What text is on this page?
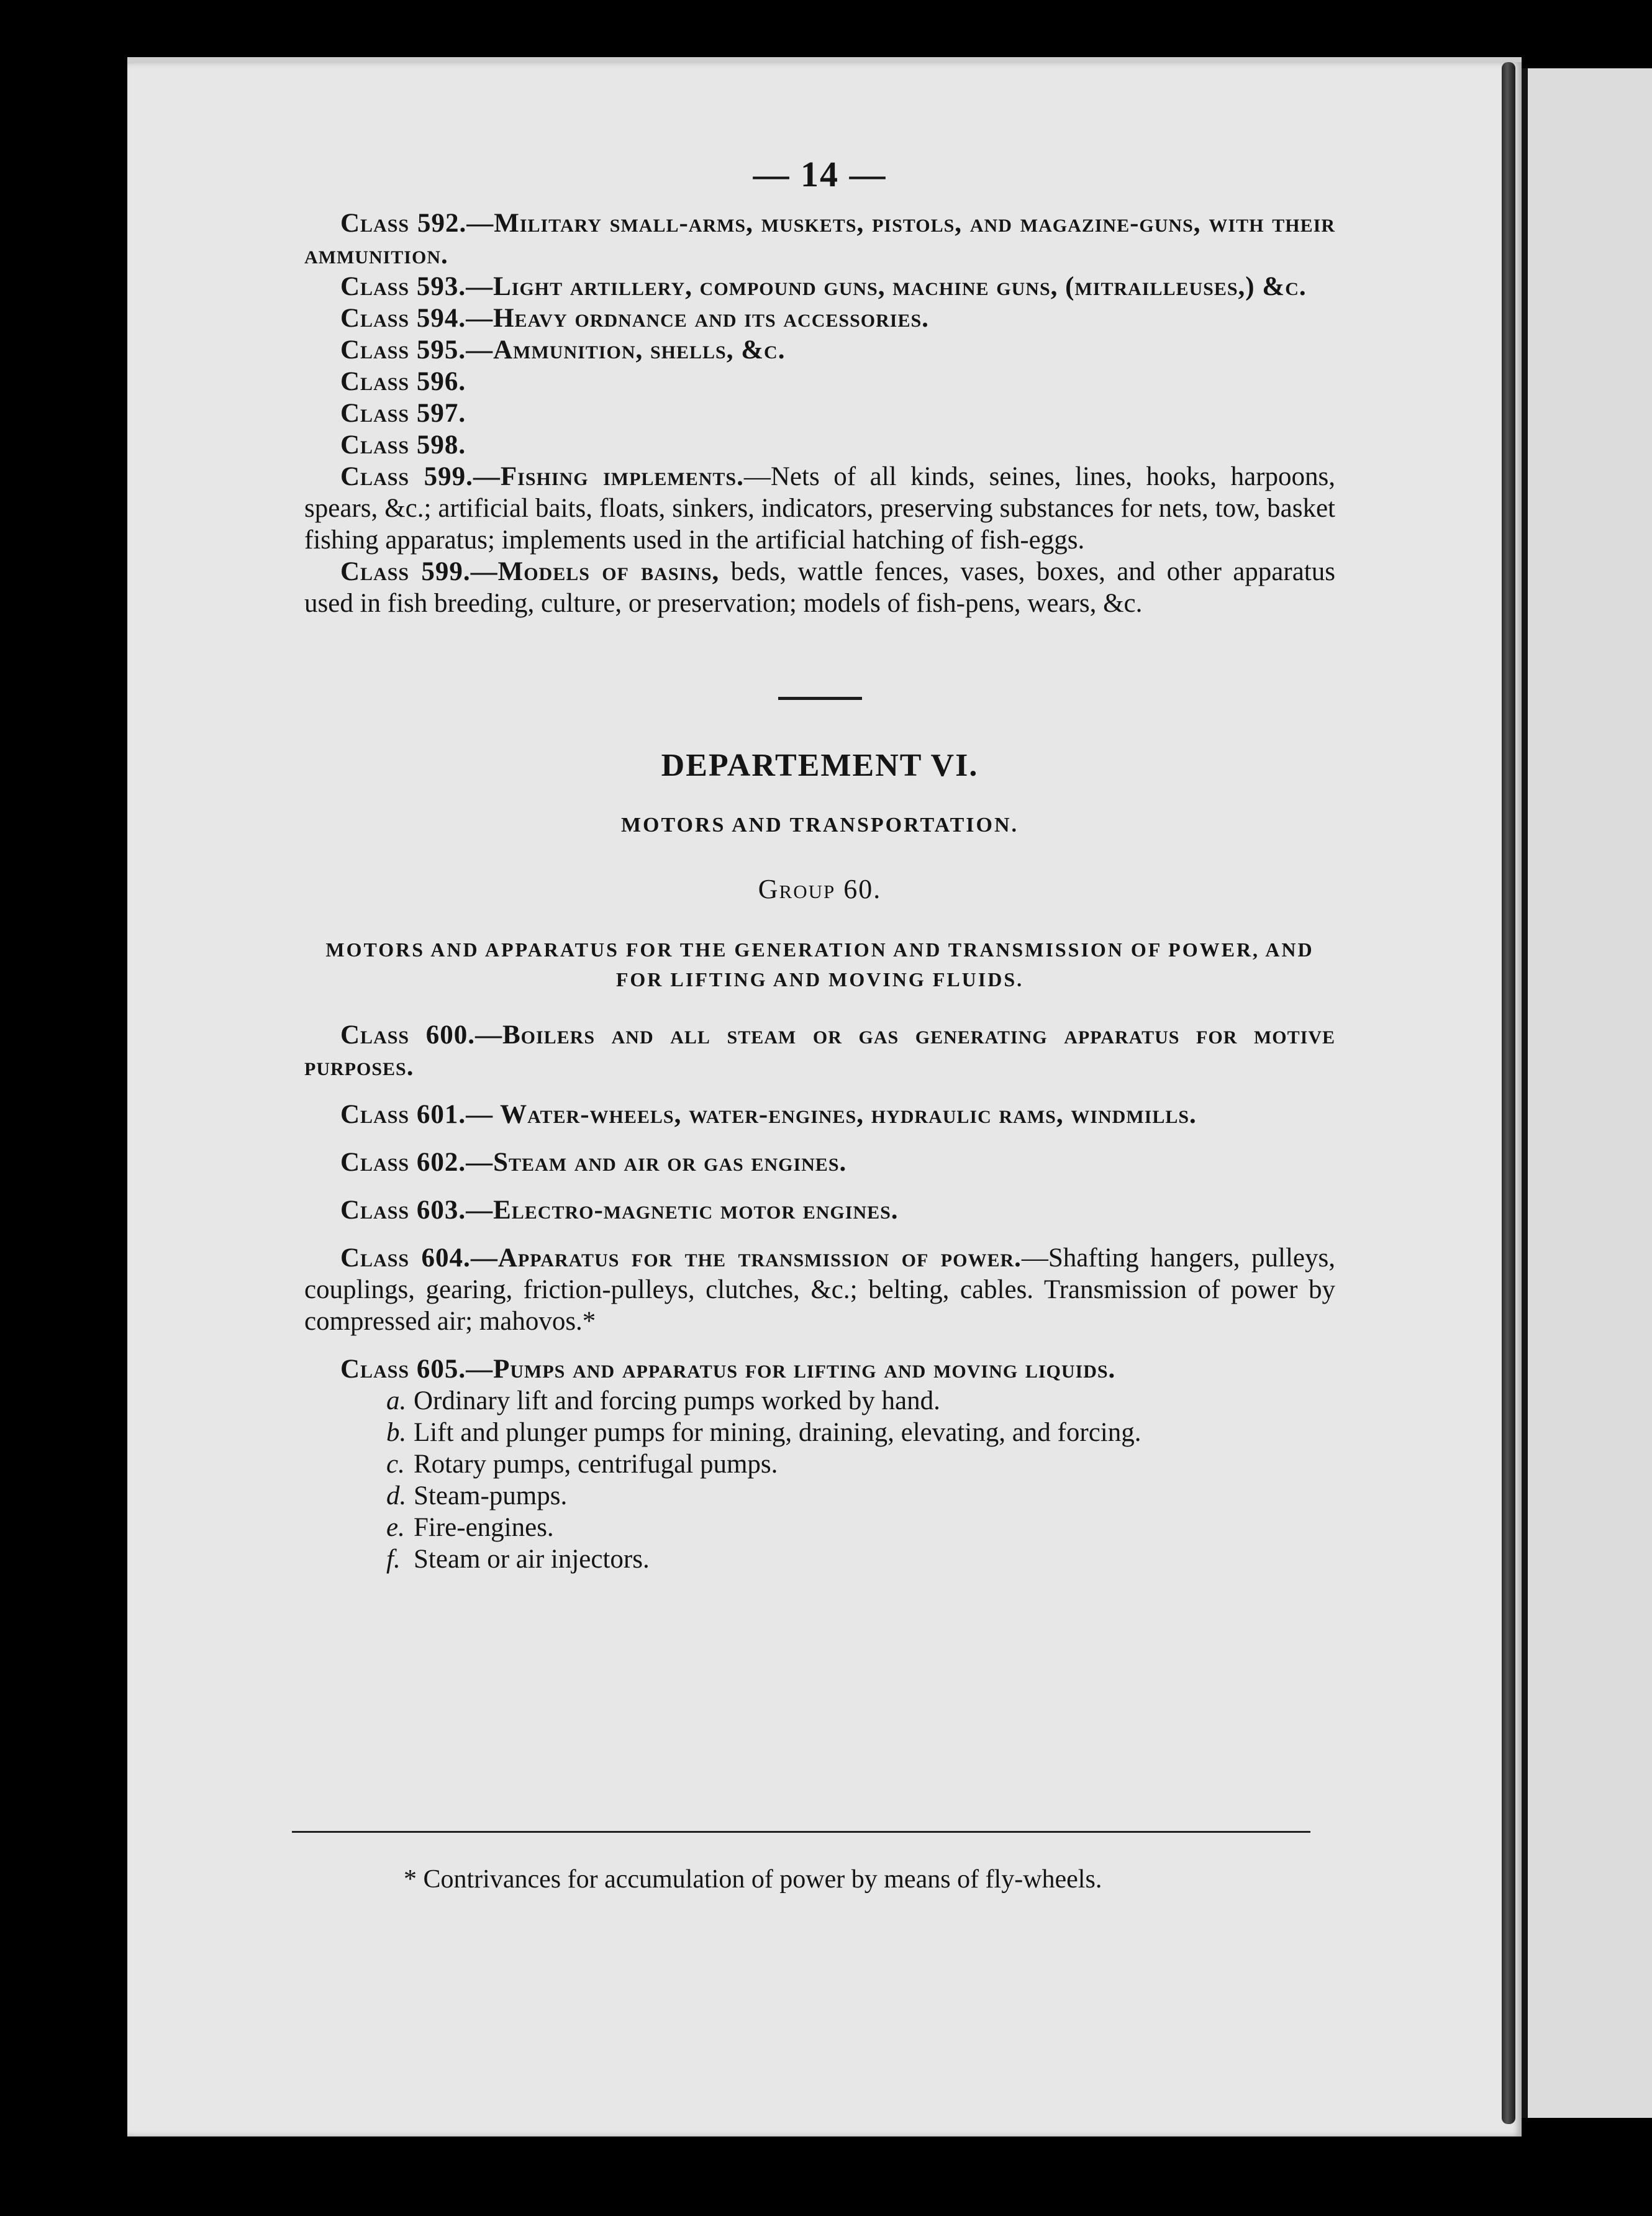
— 14 —

Class 592.—Military small-arms, muskets, pistols, and magazine-guns, with their ammunition.

Class 593.—Light artillery, compound guns, machine guns, (mitrailleuses,) &c.

Class 594.—Heavy ordnance and its accessories.

Class 595.—Ammunition, shells, &c.

Class 596.

Class 597.

Class 598.

Class 599.—Fishing implements.—Nets of all kinds, seines, lines, hooks, harpoons, spears, &c.; artificial baits, floats, sinkers, indicators, preserving substances for nets, tow, basket fishing apparatus; implements used in the artificial hatching of fish-eggs.

Class 599.—Models of basins, beds, wattle fences, vases, boxes, and other apparatus used in fish breeding, culture, or preservation; models of fish-pens, wears, &c.

DEPARTEMENT VI.
MOTORS AND TRANSPORTATION.
Group 60.
MOTORS AND APPARATUS FOR THE GENERATION AND TRANSMISSION OF POWER, AND FOR LIFTING AND MOVING FLUIDS.

Class 600.—Boilers and all steam or gas generating apparatus for motive purposes.

Class 601.— Water-wheels, water-engines, hydraulic rams, windmills.

Class 602.—Steam and air or gas engines.

Class 603.—Electro-magnetic motor engines.

Class 604.—Apparatus for the transmission of power.—Shafting hangers, pulleys, couplings, gearing, friction-pulleys, clutches, &c.; belting, cables. Transmission of power by compressed air; mahovos.*

Class 605.—Pumps and apparatus for lifting and moving liquids.

a. Ordinary lift and forcing pumps worked by hand.
b. Lift and plunger pumps for mining, draining, elevating, and forcing.
c. Rotary pumps, centrifugal pumps.
d. Steam-pumps.
e. Fire-engines.
f. Steam or air injectors.
* Contrivances for accumulation of power by means of fly-wheels.
